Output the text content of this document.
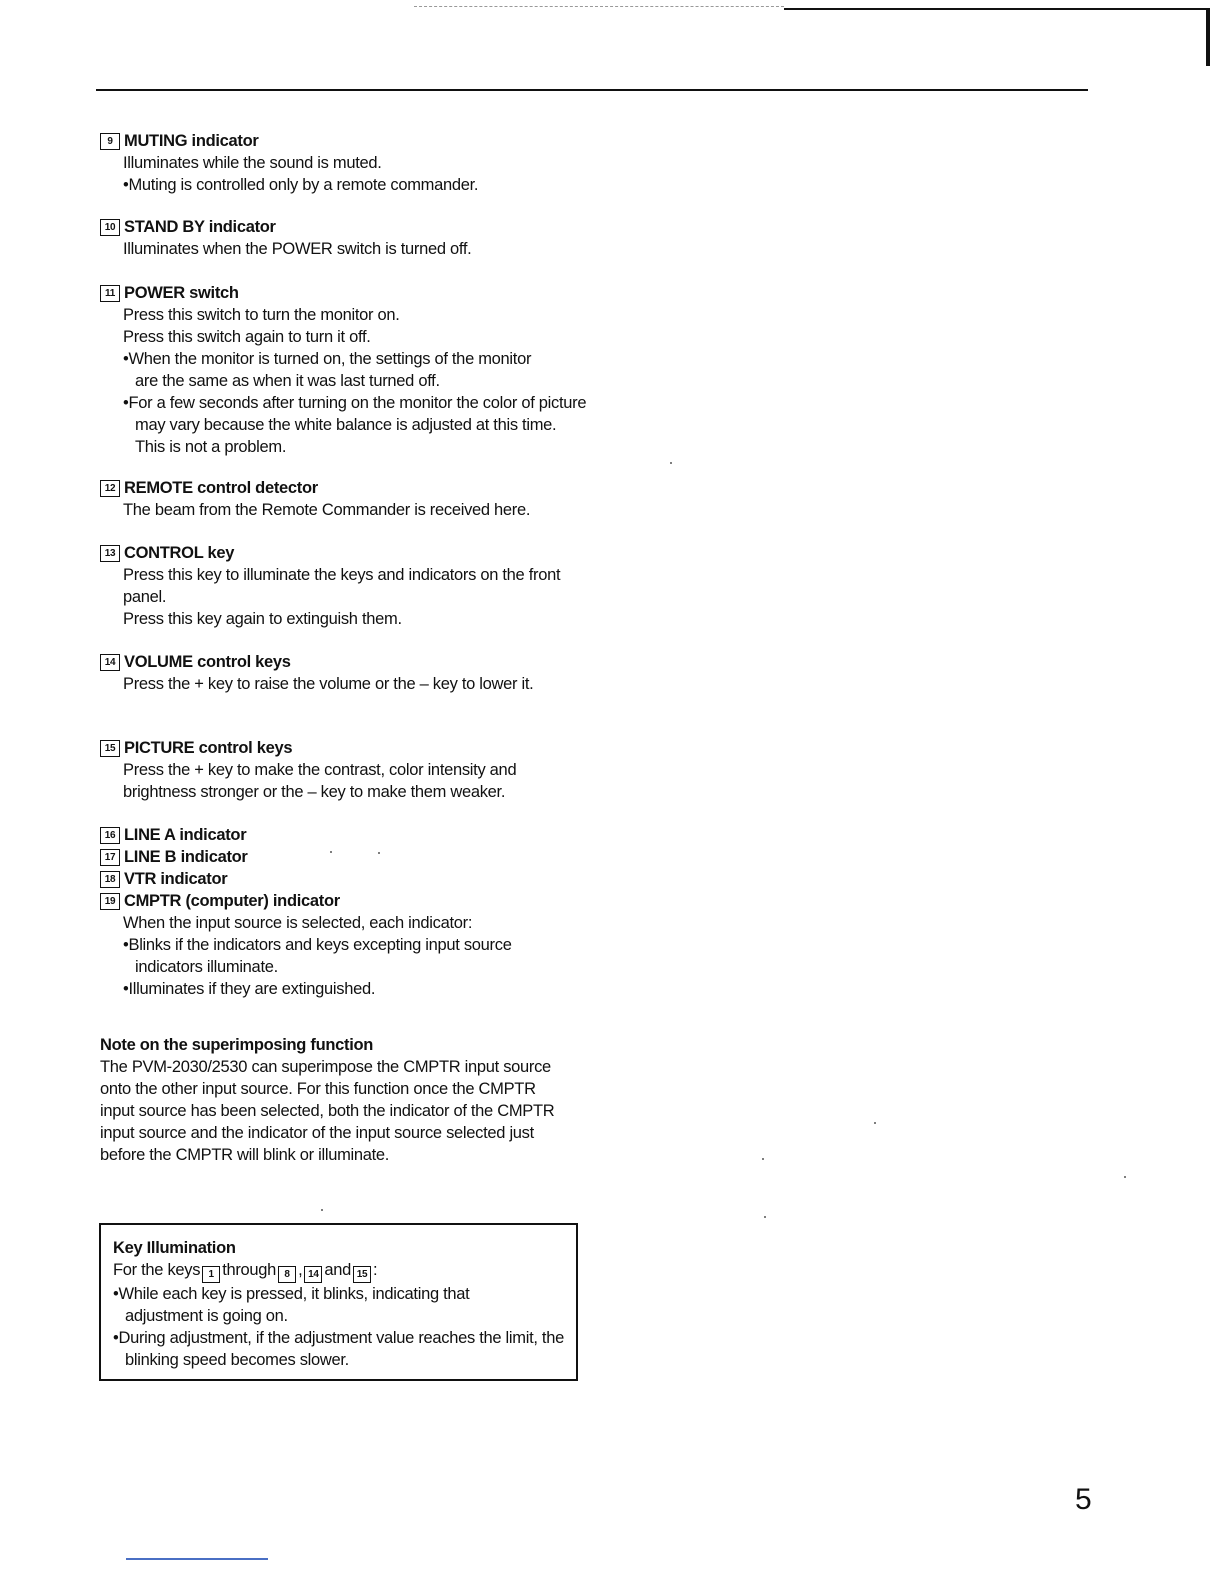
9 MUTING indicator

Illuminates while the sound is muted.

• Muting is controlled only by a remote commander.

10 STAND BY indicator

Illuminates when the POWER switch is turned off.

11 POWER switch

Press this switch to turn the monitor on.

Press this switch again to turn it off.

• When the monitor is turned on, the settings of the monitor are the same as when it was last turned off.

• For a few seconds after turning on the monitor the color of picture may vary because the white balance is adjusted at this time. This is not a problem.

12 REMOTE control detector

The beam from the Remote Commander is received here.

13 CONTROL key

Press this key to illuminate the keys and indicators on the front panel.

Press this key again to extinguish them.

14 VOLUME control keys

Press the + key to raise the volume or the – key to lower it.

15 PICTURE control keys

Press the + key to make the contrast, color intensity and brightness stronger or the – key to make them weaker.

16 LINE A indicator
17 LINE B indicator
18 VTR indicator
19 CMPTR (computer) indicator

When the input source is selected, each indicator:

• Blinks if the indicators and keys excepting input source indicators illuminate.

• Illuminates if they are extinguished.

Note on the superimposing function

The PVM-2030/2530 can superimpose the CMPTR input source onto the other input source. For this function once the CMPTR input source has been selected, both the indicator of the CMPTR input source and the indicator of the input source selected just before the CMPTR will blink or illuminate.

Key Illumination
For the keys 1 through 8 , 14 and 15 :

• While each key is pressed, it blinks, indicating that adjustment is going on.

• During adjustment, if the adjustment value reaches the limit, the blinking speed becomes slower.

5
